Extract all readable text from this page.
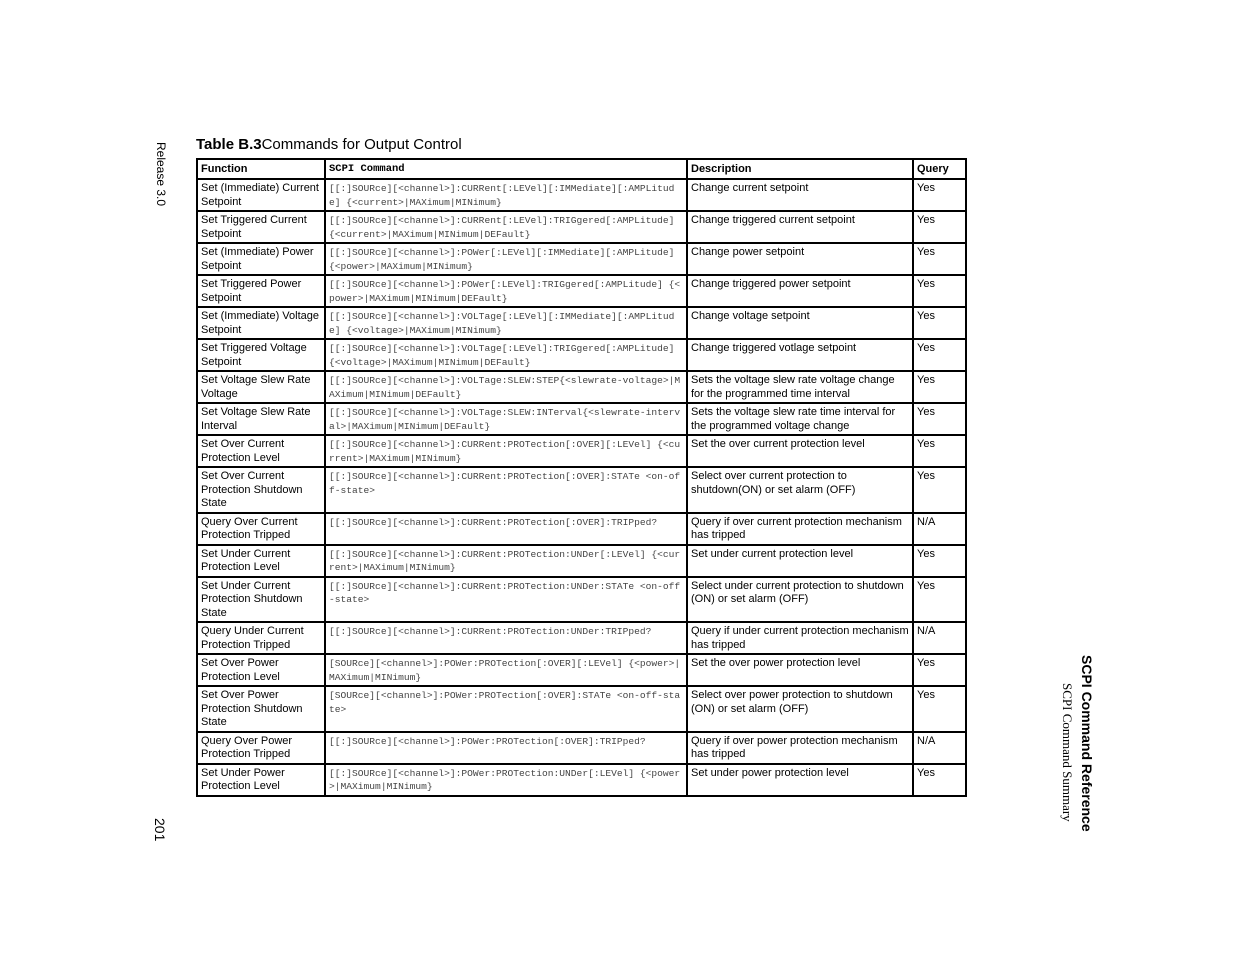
Release 3.0
201	SCPI Command Reference
SCPI Command Summary
Table B.3Commands for Output Control
Function	SCPI Command	Description	Query
Set (Immediate) Current Setpoint	[[:]SOURce][<channel>]:CURRent[:LEVel][:IMMediate][:AMPLitude] {<current>|MAXimum|MINimum}	Change current setpoint	Yes
Set Triggered Current Setpoint	[[:]SOURce][<channel>]:CURRent[:LEVel]:TRIGgered[:AMPLitude] {<current>|MAXimum|MINimum|DEFault}	Change triggered current setpoint	Yes
Set (Immediate) Power Setpoint	[[:]SOURce][<channel>]:POWer[:LEVel][:IMMediate][:AMPLitude] {<power>|MAXimum|MINimum}	Change power setpoint	Yes
Set Triggered Power Setpoint	[[:]SOURce][<channel>]:POWer[:LEVel]:TRIGgered[:AMPLitude] {<power>|MAXimum|MINimum|DEFault}	Change triggered power setpoint	Yes
Set (Immediate) Voltage Setpoint	[[:]SOURce][<channel>]:VOLTage[:LEVel][:IMMediate][:AMPLitude] {<voltage>|MAXimum|MINimum}	Change voltage setpoint	Yes
Set Triggered Voltage Setpoint	[[:]SOURce][<channel>]:VOLTage[:LEVel]:TRIGgered[:AMPLitude] {<voltage>|MAXimum|MINimum|DEFault}	Change triggered votlage setpoint	Yes
Set Voltage Slew Rate Voltage	[[:]SOURce][<channel>]:VOLTage:SLEW:STEP{<slewrate-voltage>|MAXimum|MINimum|DEFault}	Sets the voltage slew rate voltage change for the programmed time interval	Yes
Set Voltage Slew Rate Interval	[[:]SOURce][<channel>]:VOLTage:SLEW:INTerval{<slewrate-interval>|MAXimum|MINimum|DEFault}	Sets the voltage slew rate time interval for the programmed voltage change	Yes
Set Over Current Protection Level	[[:]SOURce][<channel>]:CURRent:PROTection[:OVER][:LEVel] {<current>|MAXimum|MINimum}	Set the over current protection level	Yes
Set Over Current Protection Shutdown State	[[:]SOURce][<channel>]:CURRent:PROTection[:OVER]:STATe <on-off-state>	Select over current protection to shutdown(ON) or set alarm (OFF)	Yes
Query Over Current Protection Tripped	[[:]SOURce][<channel>]:CURRent:PROTection[:OVER]:TRIPped?	Query if over current protection mechanism has tripped	N/A
Set Under Current Protection Level	[[:]SOURce][<channel>]:CURRent:PROTection:UNDer[:LEVel] {<current>|MAXimum|MINimum}	Set under current protection level	Yes
Set Under Current Protection Shutdown State	[[:]SOURce][<channel>]:CURRent:PROTection:UNDer:STATe <on-off-state>	Select under current protection to shutdown (ON) or set alarm (OFF)	Yes
Query Under Current Protection Tripped	[[:]SOURce][<channel>]:CURRent:PROTection:UNDer:TRIPped?	Query if under current protection mechanism has tripped	N/A
Set Over Power Protection Level	[SOURce][<channel>]:POWer:PROTection[:OVER][:LEVel] {<power>|MAXimum|MINimum}	Set the over power protection level	Yes
Set Over Power Protection Shutdown State	[SOURce][<channel>]:POWer:PROTection[:OVER]:STATe <on-off-state>	Select over power protection to shutdown (ON) or set alarm (OFF)	Yes
Query Over Power Protection Tripped	[[:]SOURce][<channel>]:POWer:PROTection[:OVER]:TRIPped?	Query if over power protection mechanism has tripped	N/A
Set Under Power Protection Level	[[:]SOURce][<channel>]:POWer:PROTection:UNDer[:LEVel] {<power>|MAXimum|MINimum}	Set under power protection level	Yes
